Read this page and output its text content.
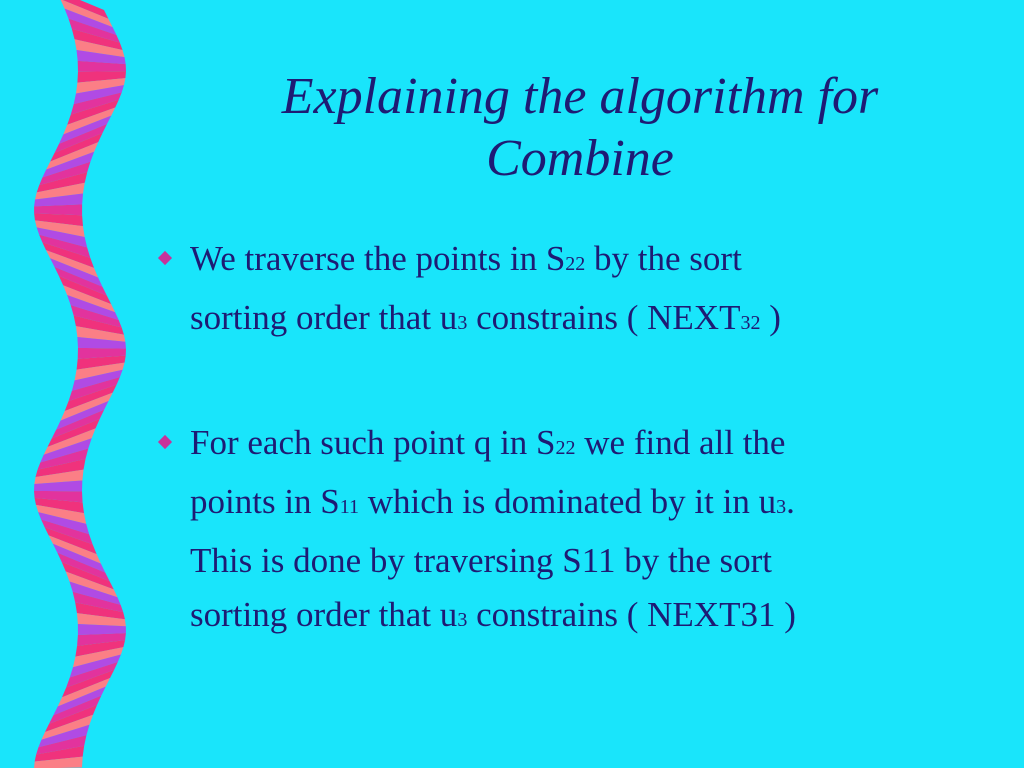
Explaining the algorithm for
Combine
We traverse the points in S22 by the sort
sorting order that u3 constrains ( NEXT32 )
For each such point q in S22 we find all the
points in S11 which is dominated by it in u3.
This is done by traversing S11 by the sort
sorting order that u3 constrains ( NEXT31 )
